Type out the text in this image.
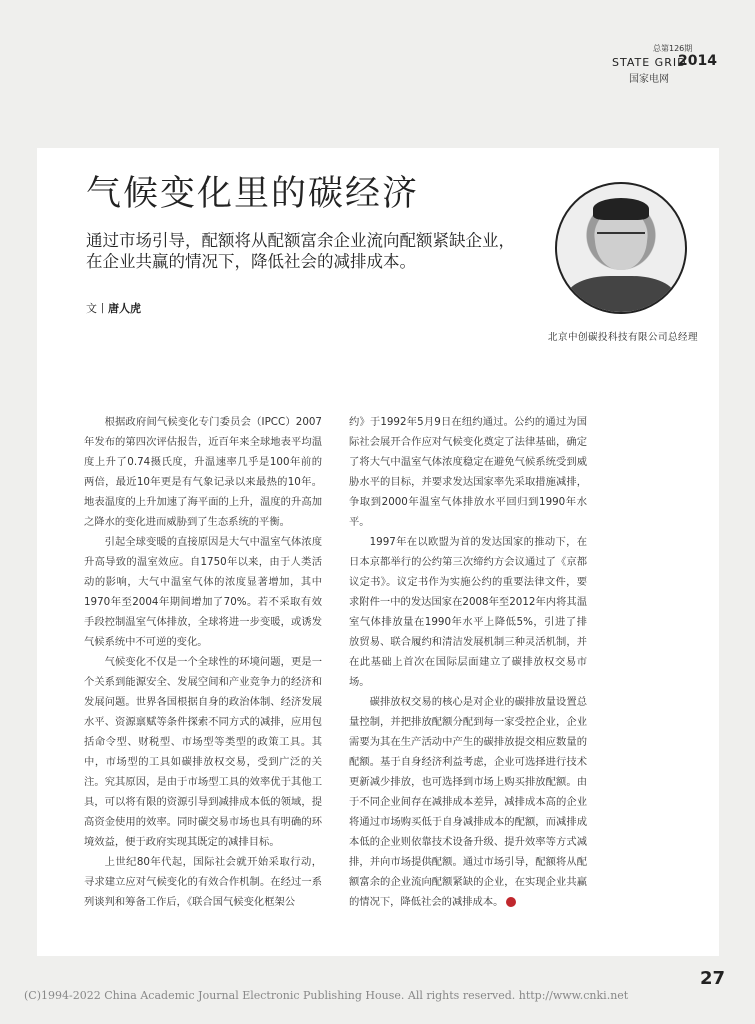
总第126期
STATE GRID
2014
国家电网
气候变化里的碳经济
通过市场引导，配额将从配额富余企业流向配额紧缺企业，在企业共赢的情况下，降低社会的减排成本。
文丨唐人虎
北京中创碳投科技有限公司总经理

根据政府间气候变化专门委员会（IPCC）2007年发布的第四次评估报告，近百年来全球地表平均温度上升了0.74摄氏度，升温速率几乎是100年前的两倍，最近10年更是有气象记录以来最热的10年。地表温度的上升加速了海平面的上升，温度的升高加之降水的变化进而威胁到了生态系统的平衡。

引起全球变暖的直接原因是大气中温室气体浓度升高导致的温室效应。自1750年以来，由于人类活动的影响，大气中温室气体的浓度显著增加，其中1970年至2004年期间增加了70%。若不采取有效手段控制温室气体排放，全球将进一步变暖，或诱发气候系统中不可逆的变化。

气候变化不仅是一个全球性的环境问题，更是一个关系到能源安全、发展空间和产业竞争力的经济和发展问题。世界各国根据自身的政治体制、经济发展水平、资源禀赋等条件探索不同方式的减排，应用包括命令型、财税型、市场型等类型的政策工具。其中，市场型的工具如碳排放权交易，受到广泛的关注。究其原因，是由于市场型工具的效率优于其他工具，可以将有限的资源引导到减排成本低的领域，提高资金使用的效率。同时碳交易市场也具有明确的环境效益，便于政府实现其既定的减排目标。

上世纪80年代起，国际社会就开始采取行动，寻求建立应对气候变化的有效合作机制。在经过一系列谈判和筹备工作后，《联合国气候变化框架公

约》于1992年5月9日在纽约通过。公约的通过为国际社会展开合作应对气候变化奠定了法律基础，确定了将大气中温室气体浓度稳定在避免气候系统受到威胁水平的目标，并要求发达国家率先采取措施减排，争取到2000年温室气体排放水平回归到1990年水平。

1997年在以欧盟为首的发达国家的推动下，在日本京都举行的公约第三次缔约方会议通过了《京都议定书》。议定书作为实施公约的重要法律文件，要求附件一中的发达国家在2008年至2012年内将其温室气体排放量在1990年水平上降低5%，引进了排放贸易、联合履约和清洁发展机制三种灵活机制，并在此基础上首次在国际层面建立了碳排放权交易市场。

碳排放权交易的核心是对企业的碳排放量设置总量控制，并把排放配额分配到每一家受控企业，企业需要为其在生产活动中产生的碳排放提交相应数量的配额。基于自身经济利益考虑，企业可选择进行技术更新减少排放，也可选择到市场上购买排放配额。由于不同企业间存在减排成本差异，减排成本高的企业将通过市场购买低于自身减排成本的配额，而减排成本低的企业则依靠技术设备升级、提升效率等方式减排，并向市场提供配额。通过市场引导，配额将从配额富余的企业流向配额紧缺的企业，在实现企业共赢的情况下，降低社会的减排成本。

27
(C)1994-2022 China Academic Journal Electronic Publishing House. All rights reserved. http://www.cnki.net
